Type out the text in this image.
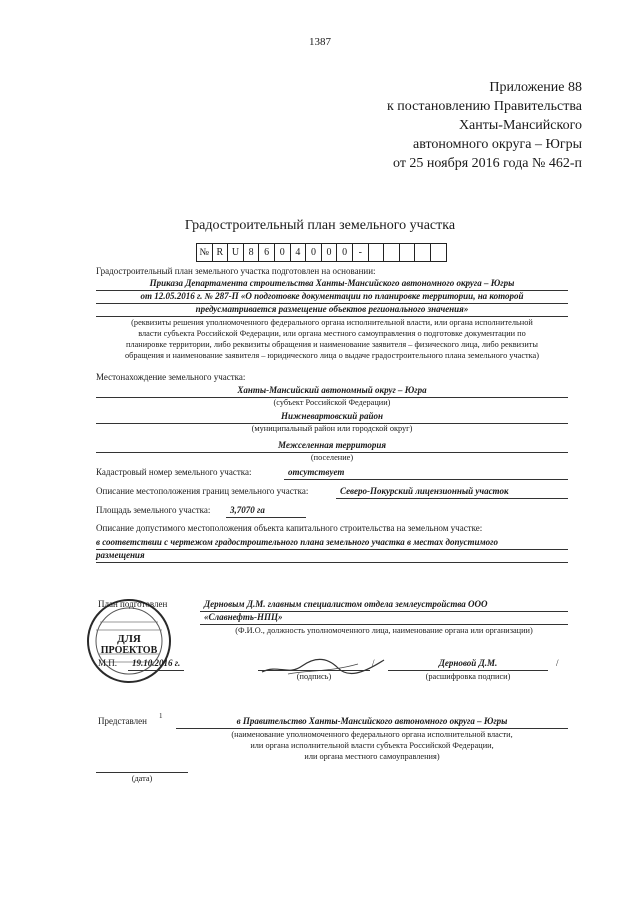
1387
Приложение 88
к постановлению Правительства
Ханты-Мансийского
автономного округа – Югры
от 25 ноября 2016 года № 462-п
Градостроительный план земельного участка
№ R U 8	6	0	4	0	0	0	-
Градостроительный план земельного участка подготовлен на основании:
Приказа Департамента строительства Ханты-Мансийского автономного округа – Югры
от 12.05.2016 г. № 287-П «О подготовке документации по планировке территории, на которой
предусматривается размещение объектов регионального значения»
(реквизиты решения уполномоченного федерального органа исполнительной власти, или органа исполнительной
власти субъекта Российской Федерации, или органа местного самоуправления о подготовке документации по
планировке территории, либо реквизиты обращения и наименование заявителя – физического лица, либо реквизиты
обращения и наименование заявителя – юридического лица о выдаче градостроительного плана земельного участка)
Местонахождение земельного участка:
Ханты-Мансийский автономный округ – Югра
(субъект Российской Федерации)
Нижневартовский район
(муниципальный район или городской округ)
Межселенная территория
(поселение)
Кадастровый номер земельного участка:	отсутствует
Описание местоположения границ земельного участка:	Северо-Покурский лицензионный участок
Площадь земельного участка: 3,7070 га
Описание допустимого местоположения объекта капитального строительства на земельном участке:
в соответствии с чертежом градостроительного плана земельного участка в местах допустимого
размещения
ДЛЯ
ПРОЕКТОВ
План подготовлен	Дерновым Д.М. главным специалистом отдела землеустройства ООО
«Славнефть-НПЦ»
(Ф.И.О., должность уполномоченного лица, наименование органа или организации)
М.П. 19.10.2016 г.	/	Дерновой Д.М.	/
(подпись)	(расшифровка подписи)
Представлен 1	в Правительство Ханты-Мансийского автономного округа – Югры
(наименование уполномоченного федерального органа исполнительной власти,
или органа исполнительной власти субъекта Российской Федерации,
или органа местного самоуправления)
(дата)
